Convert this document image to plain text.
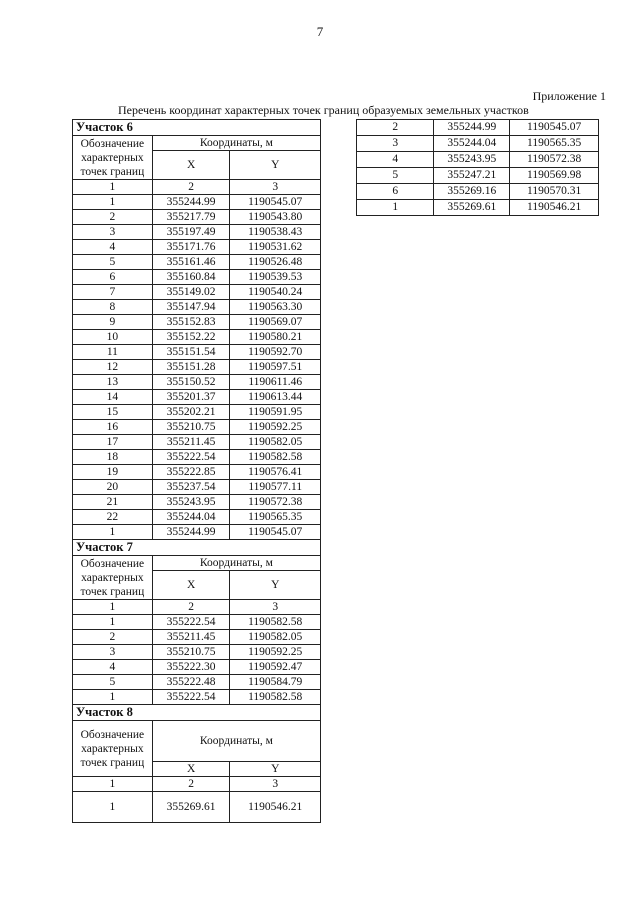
7
Приложение 1
Перечень координат характерных точек границ образуемых земельных участков
Участок 6		
Обозначение характерных точек границ	Координаты, м	
	X	Y
1	2	3
1	355244.99	1190545.07
2	355217.79	1190543.80
3	355197.49	1190538.43
4	355171.76	1190531.62
5	355161.46	1190526.48
6	355160.84	1190539.53
7	355149.02	1190540.24
8	355147.94	1190563.30
9	355152.83	1190569.07
10	355152.22	1190580.21
11	355151.54	1190592.70
12	355151.28	1190597.51
13	355150.52	1190611.46
14	355201.37	1190613.44
15	355202.21	1190591.95
16	355210.75	1190592.25
17	355211.45	1190582.05
18	355222.54	1190582.58
19	355222.85	1190576.41
20	355237.54	1190577.11
21	355243.95	1190572.38
22	355244.04	1190565.35
1	355244.99	1190545.07
Участок 7		
Обозначение характерных точек границ	Координаты, м	
	X	Y
1	2	3
1	355222.54	1190582.58
2	355211.45	1190582.05
3	355210.75	1190592.25
4	355222.30	1190592.47
5	355222.48	1190584.79
1	355222.54	1190582.58
Участок 8		
Обозначение характерных точек границ	Координаты, м	
	X	Y
1	2	3
1	355269.61	1190546.21
2	355244.99	1190545.07
3	355244.04	1190565.35
4	355243.95	1190572.38
5	355247.21	1190569.98
6	355269.16	1190570.31
1	355269.61	1190546.21
